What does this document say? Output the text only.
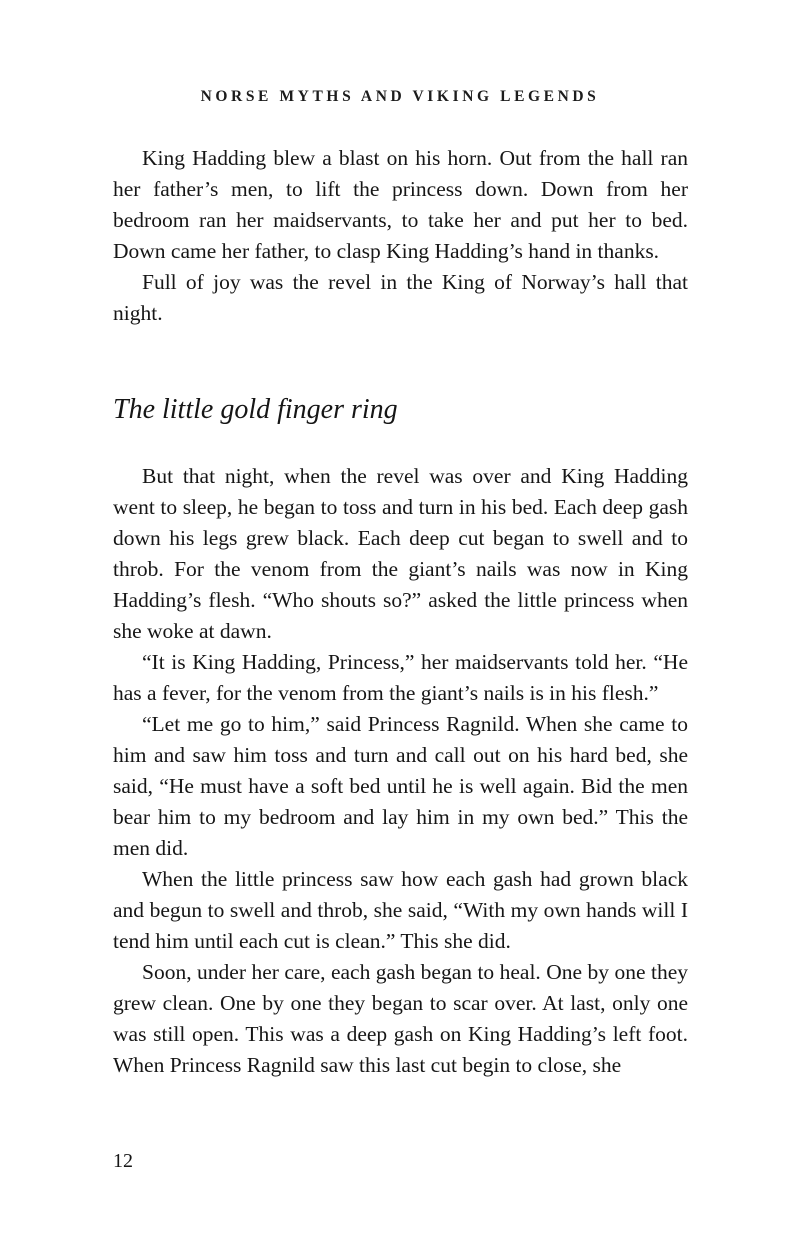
NORSE MYTHS AND VIKING LEGENDS

King Hadding blew a blast on his horn. Out from the hall ran her father’s men, to lift the princess down. Down from her bedroom ran her maidservants, to take her and put her to bed. Down came her father, to clasp King Hadding’s hand in thanks.

Full of joy was the revel in the King of Norway’s hall that night.

The little gold finger ring

But that night, when the revel was over and King Hadding went to sleep, he began to toss and turn in his bed. Each deep gash down his legs grew black. Each deep cut began to swell and to throb. For the venom from the giant’s nails was now in King Hadding’s flesh. “Who shouts so?” asked the little princess when she woke at dawn.

“It is King Hadding, Princess,” her maidservants told her. “He has a fever, for the venom from the giant’s nails is in his flesh.”

“Let me go to him,” said Princess Ragnild. When she came to him and saw him toss and turn and call out on his hard bed, she said, “He must have a soft bed until he is well again. Bid the men bear him to my bedroom and lay him in my own bed.” This the men did.

When the little princess saw how each gash had grown black and begun to swell and throb, she said, “With my own hands will I tend him until each cut is clean.” This she did.

Soon, under her care, each gash began to heal. One by one they grew clean. One by one they began to scar over. At last, only one was still open. This was a deep gash on King Hadding’s left foot. When Princess Ragnild saw this last cut begin to close, she

12
